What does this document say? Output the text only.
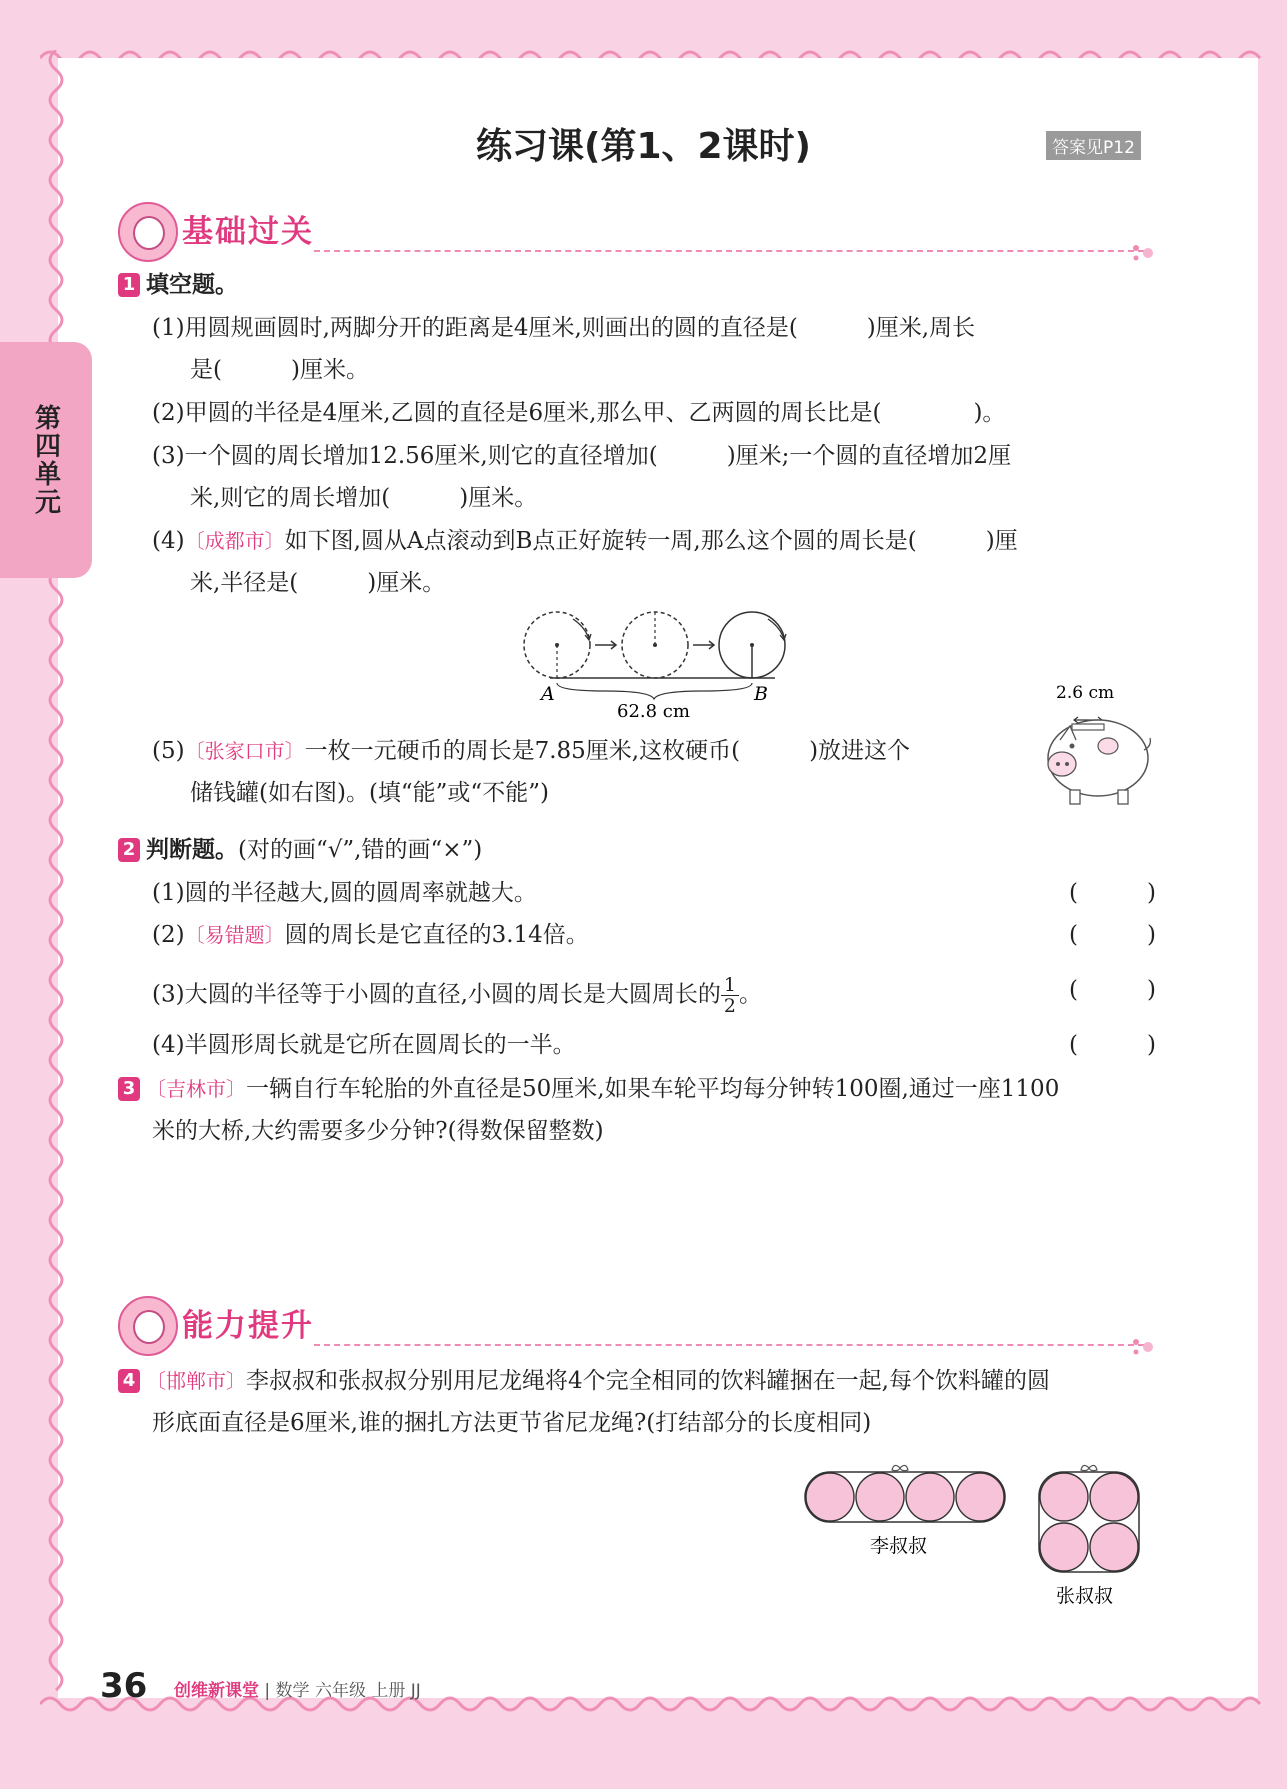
第四单元
练习课(第1、2课时)	答案见P12
基础过关
1 填空题。
(1)用圆规画圆时,两脚分开的距离是4厘米,则画出的圆的直径是(　　　)厘米,周长
是(　　　)厘米。
(2)甲圆的半径是4厘米,乙圆的直径是6厘米,那么甲、乙两圆的周长比是(　　　　)。
(3)一个圆的周长增加12.56厘米,则它的直径增加(　　　)厘米;一个圆的直径增加2厘
米,则它的周长增加(　　　)厘米。
(4)〔成都市〕如下图,圆从A点滚动到B点正好旋转一周,那么这个圆的周长是(　　　)厘
米,半径是(　　　)厘米。
A	B
62.8 cm
(5)〔张家口市〕一枚一元硬币的周长是7.85厘米,这枚硬币(　　　)放进这个
储钱罐(如右图)。(填“能”或“不能”)
2.6 cm
2 判断题。(对的画“√”,错的画“×”)
(1)圆的半径越大,圆的圆周率就越大。	(　　　)
(2)〔易错题〕圆的周长是它直径的3.14倍。	(　　　)
(3)大圆的半径等于小圆的直径,小圆的周长是大圆周长的 $\frac{1}{2}$ 。	(　　　)
(4)半圆形周长就是它所在圆周长的一半。	(　　　)
3 〔吉林市〕一辆自行车轮胎的外直径是50厘米,如果车轮平均每分钟转100圈,通过一座1100
米的大桥,大约需要多少分钟?(得数保留整数)
能力提升
4 〔邯郸市〕李叔叔和张叔叔分别用尼龙绳将4个完全相同的饮料罐捆在一起,每个饮料罐的圆
形底面直径是6厘米,谁的捆扎方法更节省尼龙绳?(打结部分的长度相同)
李叔叔
张叔叔
36 创维新课堂 | 数学 六年级 上册 JJ
